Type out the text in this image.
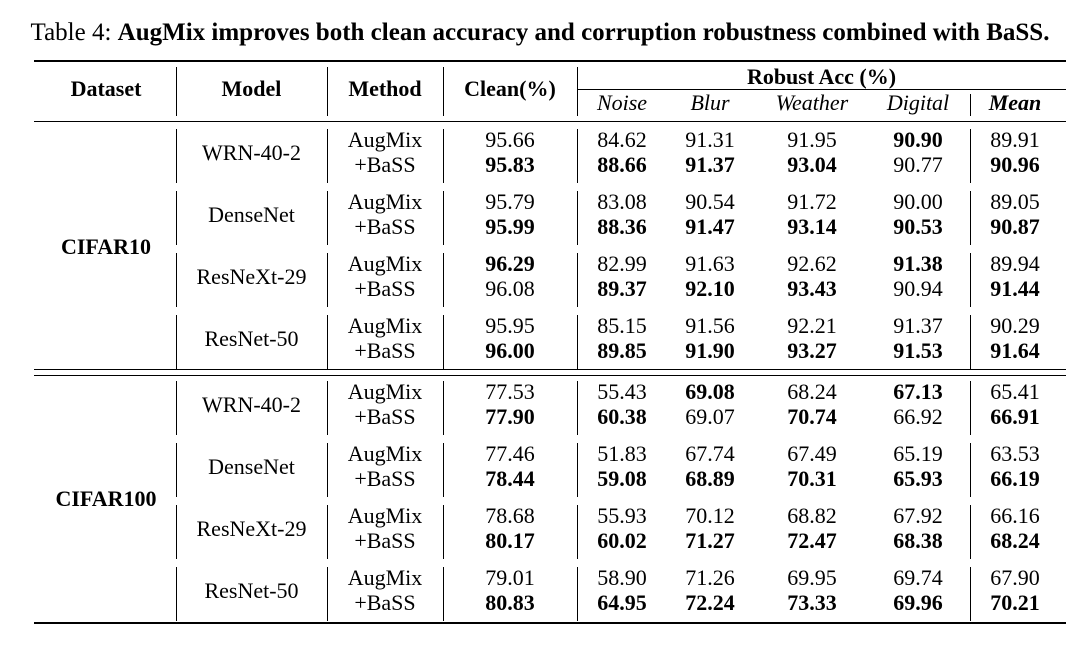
Table 4: AugMix improves both clean accuracy and corruption robustness combined with BaSS.
Dataset	Model	Method	Clean(%)	Robust Acc (%)
Noise	Blur	Weather	Digital	Mean
CIFAR10
WRN-40-2
AugMix	95.66	84.62	91.31	91.95	90.90	89.91
+BaSS	95.83	88.66	91.37	93.04	90.77	90.96
DenseNet
AugMix	95.79	83.08	90.54	91.72	90.00	89.05
+BaSS	95.99	88.36	91.47	93.14	90.53	90.87
ResNeXt-29
AugMix	96.29	82.99	91.63	92.62	91.38	89.94
+BaSS	96.08	89.37	92.10	93.43	90.94	91.44
ResNet-50
AugMix	95.95	85.15	91.56	92.21	91.37	90.29
+BaSS	96.00	89.85	91.90	93.27	91.53	91.64
CIFAR100
WRN-40-2
AugMix	77.53	55.43	69.08	68.24	67.13	65.41
+BaSS	77.90	60.38	69.07	70.74	66.92	66.91
DenseNet
AugMix	77.46	51.83	67.74	67.49	65.19	63.53
+BaSS	78.44	59.08	68.89	70.31	65.93	66.19
ResNeXt-29
AugMix	78.68	55.93	70.12	68.82	67.92	66.16
+BaSS	80.17	60.02	71.27	72.47	68.38	68.24
ResNet-50
AugMix	79.01	58.90	71.26	69.95	69.74	67.90
+BaSS	80.83	64.95	72.24	73.33	69.96	70.21
